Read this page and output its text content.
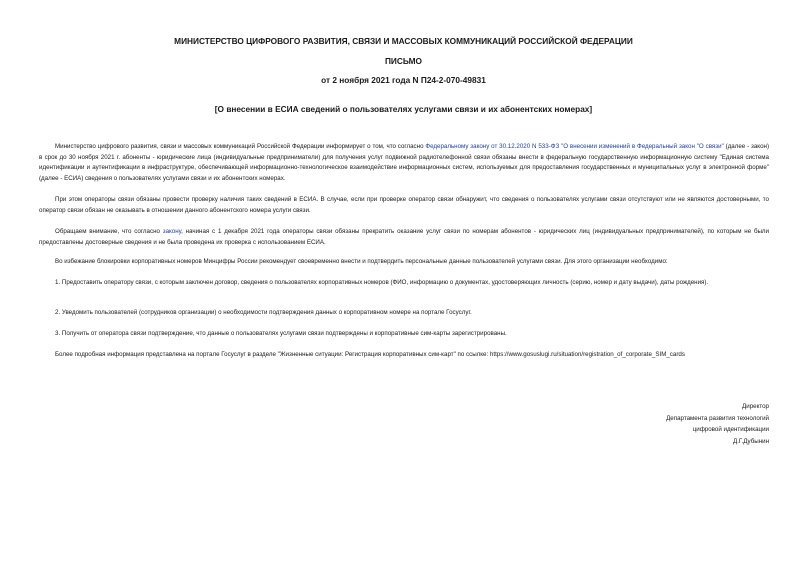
МИНИСТЕРСТВО ЦИФРОВОГО РАЗВИТИЯ, СВЯЗИ И МАССОВЫХ КОММУНИКАЦИЙ РОССИЙСКОЙ ФЕДЕРАЦИИ
ПИСЬМО
от 2 ноября 2021 года N П24-2-070-49831
[О внесении в ЕСИА сведений о пользователях услугами связи и их абонентских номерах]

Министерство цифрового развития, связи и массовых коммуникаций Российской Федерации информирует о том, что согласно Федеральному закону от 30.12.2020 N 533-ФЗ "О внесении изменений в Федеральный закон "О связи" (далее - закон) в срок до 30 ноября 2021 г. абоненты - юридические лица (индивидуальные предприниматели) для получения услуг подвижной радиотелефонной связи обязаны внести в федеральную государственную информационную систему "Единая система идентификации и аутентификации в инфраструктуре, обеспечивающей информационно-технологическое взаимодействие информационных систем, используемых для предоставления государственных и муниципальных услуг в электронной форме" (далее - ЕСИА) сведения о пользователях услугами связи и их абонентских номерах.

При этом операторы связи обязаны провести проверку наличия таких сведений в ЕСИА. В случае, если при проверке оператор связи обнаружит, что сведения о пользователях услугами связи отсутствуют или не являются достоверными, то оператор связи обязан не оказывать в отношении данного абонентского номера услуги связи.

Обращаем внимание, что согласно закону, начиная с 1 декабря 2021 года операторы связи обязаны прекратить оказание услуг связи по номерам абонентов - юридических лиц (индивидуальных предпринимателей), по которым не были предоставлены достоверные сведения и не была проведена их проверка с использованием ЕСИА.

Во избежание блокировки корпоративных номеров Минцифры России рекомендует своевременно внести и подтвердить персональные данные пользователей услугами связи. Для этого организации необходимо:

1. Предоставить оператору связи, с которым заключен договор, сведения о пользователях корпоративных номеров (ФИО, информацию о документах, удостоверяющих личность (серию, номер и дату выдачи), даты рождения).

2. Уведомить пользователей (сотрудников организации) о необходимости подтверждения данных о корпоративном номере на портале Госуслуг.

3. Получить от оператора связи подтверждение, что данные о пользователях услугами связи подтверждены и корпоративные сим-карты зарегистрированы.

Более подробная информация представлена на портале Госуслуг в разделе "Жизненные ситуации: Регистрация корпоративных сим-карт" по ссылке: https://www.gosuslugi.ru/situation/registration_of_corporate_SIM_cards

Директор
Департамента развития технологий
цифровой идентификации
Д.Г.Дубынин
